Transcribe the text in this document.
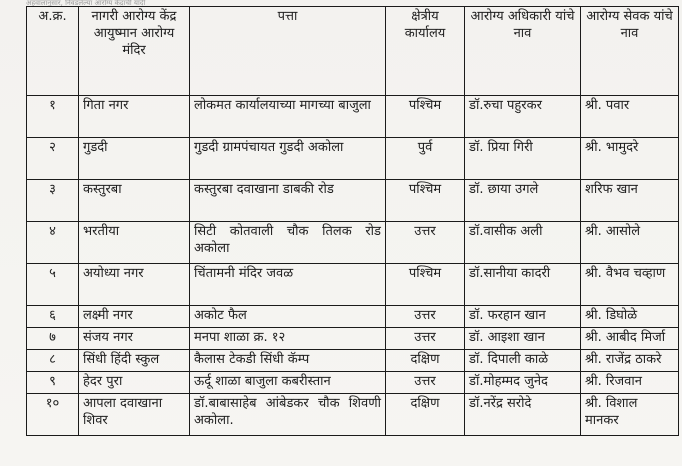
अहवालानुसार, निवडलेल्या आरोग्य केंद्रांची यादी
अ.क्र.	नागरी आरोग्य केंद्र आयुष्मान आरोग्य मंदिर	पत्ता	क्षेत्रीय कार्यालय	आरोग्य अधिकारी यांचे नाव	आरोग्य सेवक यांचे नाव
१	गिता नगर	लोकमत कार्यालयाच्या मागच्या बाजुला	पश्चिम	डॉ.रुचा पहुरकर	श्री. पवार
२	गुडदी	गुडदी ग्रामपंचायत गुडदी अकोला	पुर्व	डॉ. प्रिया गिरी	श्री. भामुदरे
३	कस्तुरबा	कस्तुरबा दवाखाना डाबकी रोड	पश्चिम	डॉ. छाया उगले	शरिफ खान
४	भरतीया	सिटी कोतवाली चौक तिलक रोड अकोला	उत्तर	डॉ.वासीक अली	श्री. आसोले
५	अयोध्या नगर	चिंतामनी मंदिर जवळ	पश्चिम	डॉ.सानीया कादरी	श्री. वैभव चव्हाण
६	लक्ष्मी नगर	अकोट फैल	उत्तर	डॉ. फरहान खान	श्री. डिघोळे
७	संजय नगर	मनपा शाळा क्र. १२	उत्तर	डॉ. आइशा खान	श्री. आबीद मिर्जा
८	सिंधी हिंदी स्कुल	कैलास टेकडी सिंधी कॅम्प	दक्षिण	डॉ. दिपाली काळे	श्री. राजेंद्र ठाकरे
९	हेदर पुरा	ऊर्दू शाळा बाजुला कबरीस्तान	उत्तर	डॉ.मोहम्मद जुनेद	श्री. रिजवान
१०	आपला दवाखाना शिवर	डॉ.बाबासाहेब आंबेडकर चौक शिवणी अकोला.	दक्षिण	डॉ.नरेंद्र सरोदे	श्री. विशाल मानकर
